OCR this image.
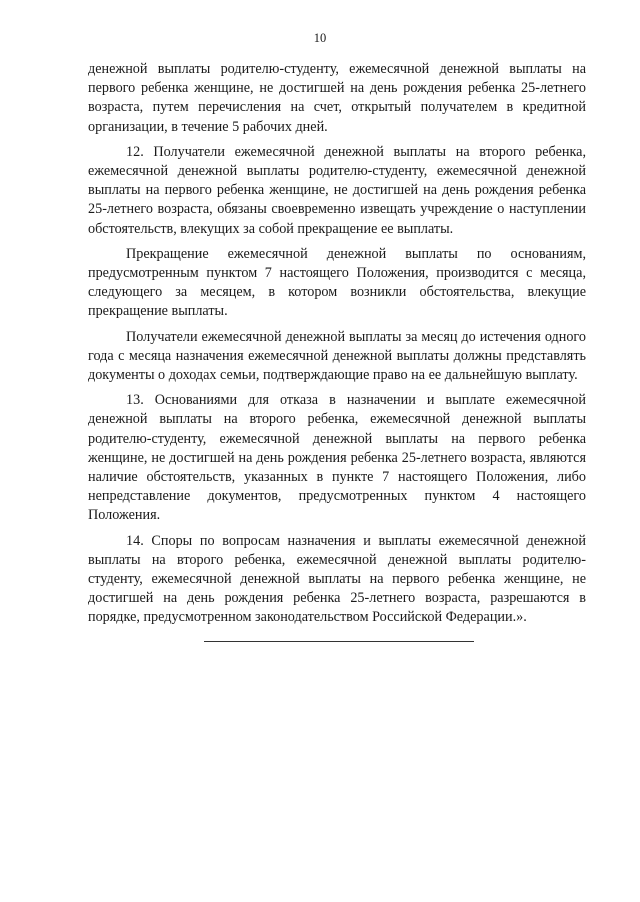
10

денежной выплаты родителю-студенту, ежемесячной денежной выплаты на первого ребенка женщине, не достигшей на день рождения ребенка 25-летнего возраста, путем перечисления на счет, открытый получателем в кредитной организации, в течение 5 рабочих дней.

12. Получатели ежемесячной денежной выплаты на второго ребенка, ежемесячной денежной выплаты родителю-студенту, ежемесячной денежной выплаты на первого ребенка женщине, не достигшей на день рождения ребенка 25-летнего возраста, обязаны своевременно извещать учреждение о наступлении обстоятельств, влекущих за собой прекращение ее выплаты.

Прекращение ежемесячной денежной выплаты по основаниям, предусмотренным пунктом 7 настоящего Положения, производится с месяца, следующего за месяцем, в котором возникли обстоятельства, влекущие прекращение выплаты.

Получатели ежемесячной денежной выплаты за месяц до истечения одного года с месяца назначения ежемесячной денежной выплаты должны представлять документы о доходах семьи, подтверждающие право на ее дальнейшую выплату.

13. Основаниями для отказа в назначении и выплате ежемесячной денежной выплаты на второго ребенка, ежемесячной денежной выплаты родителю-студенту, ежемесячной денежной выплаты на первого ребенка женщине, не достигшей на день рождения ребенка 25-летнего возраста, являются наличие обстоятельств, указанных в пункте 7 настоящего Положения, либо непредставление документов, предусмотренных пунктом 4 настоящего Положения.

14. Споры по вопросам назначения и выплаты ежемесячной денежной выплаты на второго ребенка, ежемесячной денежной выплаты родителю-студенту, ежемесячной денежной выплаты на первого ребенка женщине, не достигшей на день рождения ребенка 25-летнего возраста, разрешаются в порядке, предусмотренном законодательством Российской Федерации.».
